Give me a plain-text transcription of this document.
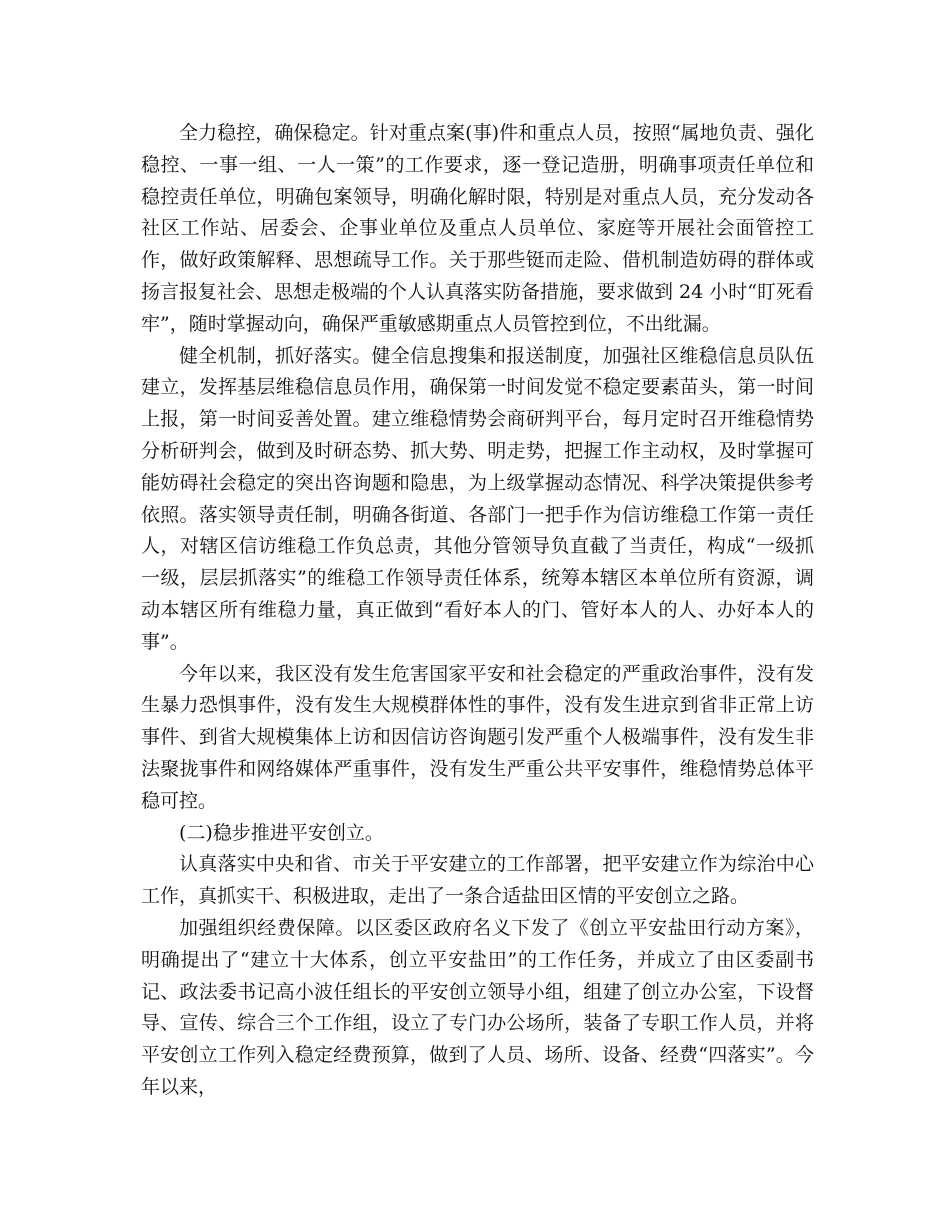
全力稳控，确保稳定。针对重点案(事)件和重点人员，按照“属地负责、强化稳控、一事一组、一人一策”的工作要求，逐一登记造册，明确事项责任单位和稳控责任单位，明确包案领导，明确化解时限，特别是对重点人员，充分发动各社区工作站、居委会、企事业单位及重点人员单位、家庭等开展社会面管控工作，做好政策解释、思想疏导工作。关于那些铤而走险、借机制造妨碍的群体或扬言报复社会、思想走极端的个人认真落实防备措施，要求做到 24 小时“盯死看牢”，随时掌握动向，确保严重敏感期重点人员管控到位，不出纰漏。

健全机制，抓好落实。健全信息搜集和报送制度，加强社区维稳信息员队伍建立，发挥基层维稳信息员作用，确保第一时间发觉不稳定要素苗头，第一时间上报，第一时间妥善处置。建立维稳情势会商研判平台，每月定时召开维稳情势分析研判会，做到及时研态势、抓大势、明走势，把握工作主动权，及时掌握可能妨碍社会稳定的突出咨询题和隐患，为上级掌握动态情况、科学决策提供参考依照。落实领导责任制，明确各街道、各部门一把手作为信访维稳工作第一责任人，对辖区信访维稳工作负总责，其他分管领导负直截了当责任，构成“一级抓一级，层层抓落实”的维稳工作领导责任体系，统筹本辖区本单位所有资源，调动本辖区所有维稳力量，真正做到“看好本人的门、管好本人的人、办好本人的事”。

今年以来，我区没有发生危害国家平安和社会稳定的严重政治事件，没有发生暴力恐惧事件，没有发生大规模群体性的事件，没有发生进京到省非正常上访事件、到省大规模集体上访和因信访咨询题引发严重个人极端事件，没有发生非法聚拢事件和网络媒体严重事件，没有发生严重公共平安事件，维稳情势总体平稳可控。

(二)稳步推进平安创立。

认真落实中央和省、市关于平安建立的工作部署，把平安建立作为综治中心工作，真抓实干、积极进取，走出了一条合适盐田区情的平安创立之路。

加强组织经费保障。以区委区政府名义下发了《创立平安盐田行动方案》，明确提出了“建立十大体系，创立平安盐田”的工作任务，并成立了由区委副书记、政法委书记高小波任组长的平安创立领导小组，组建了创立办公室，下设督导、宣传、综合三个工作组，设立了专门办公场所，装备了专职工作人员，并将平安创立工作列入稳定经费预算，做到了人员、场所、设备、经费“四落实”。今年以来，
